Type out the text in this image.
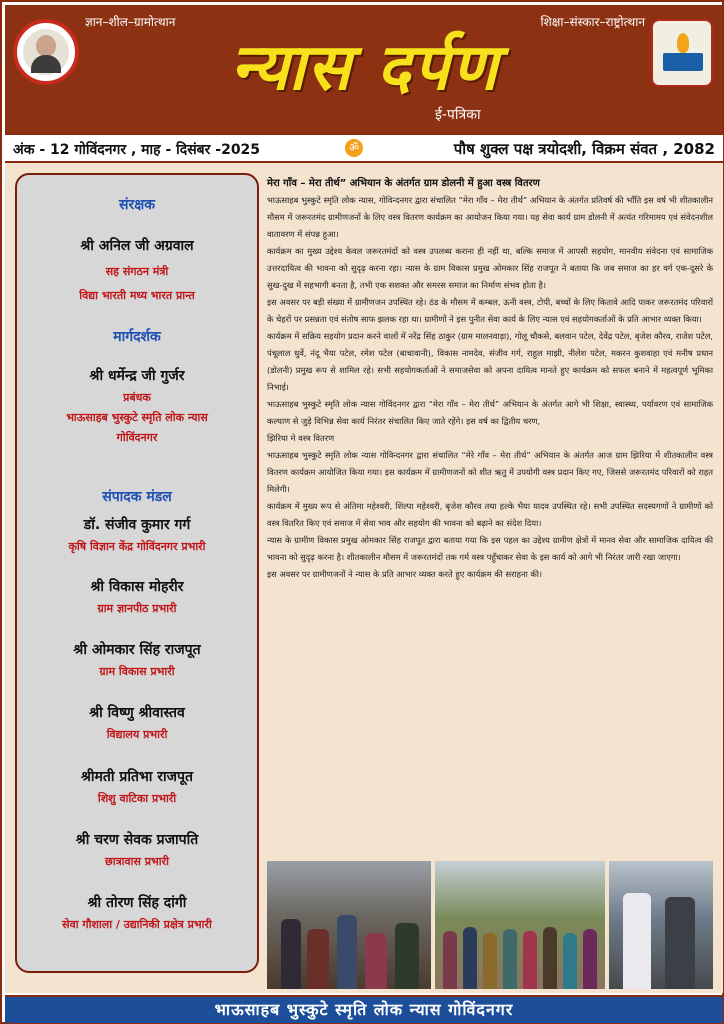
ज्ञान–शील–ग्रामोत्थान	शिक्षा–संस्कार–राष्ट्रोत्थान
न्यास दर्पण
ई-पत्रिका
अंक - 12 गोविंदनगर , माह - दिसंबर -2025	ॐ	पौष शुक्ल पक्ष त्रयोदशी, विक्रम संवत , 2082
संरक्षक
श्री अनिल जी अग्रवाल
सह संगठन मंत्री
विद्या भारती मध्य भारत प्रान्त
मार्गदर्शक
श्री धर्मेन्द्र जी गुर्जर
प्रबंधक
भाऊसाहब भुस्कुटे स्मृति लोक न्यास
गोविंदनगर
संपादक मंडल
डॉ. संजीव कुमार गर्ग
कृषि विज्ञान केंद्र गोविंदनगर प्रभारी
श्री विकास मोहरीर
ग्राम ज्ञानपीठ प्रभारी
श्री ओमकार सिंह राजपूत
ग्राम विकास प्रभारी
श्री विष्णु श्रीवास्तव
विद्यालय प्रभारी
श्रीमती प्रतिभा राजपूत
शिशु वाटिका प्रभारी
श्री चरण सेवक प्रजापति
छात्रावास प्रभारी
श्री तोरण सिंह दांगी
सेवा गौशाला / उद्यानिकी प्रक्षेत्र प्रभारी
मेरा गाँव – मेरा तीर्थ” अभियान के अंतर्गत ग्राम डोलनी में हुआ वस्त्र वितरण

भाऊसाहब भुस्कुटे स्मृति लोक न्यास, गोविन्दनगर द्वारा संचालित “मेरा गाँव – मेरा तीर्थ” अभियान के अंतर्गत प्रतिवर्ष की भाँति इस वर्ष भी शीतकालीन मौसम में जरूरतमंद ग्रामीणजनों के लिए वस्त्र वितरण कार्यक्रम का आयोजन किया गया। यह सेवा कार्य ग्राम डोलनी में अत्यंत गरिमामय एवं संवेदनशील वातावरण में संपन्न हुआ।

कार्यक्रम का मुख्य उद्देश्य केवल जरूरतमंदों को वस्त्र उपलब्ध कराना ही नहीं था, बल्कि समाज में आपसी सहयोग, मानवीय संवेदना एवं सामाजिक उत्तरदायित्व की भावना को सुदृढ़ करना रहा। न्यास के ग्राम विकास प्रमुख ओमकार सिंह राजपूत ने बताया कि जब समाज का हर वर्ग एक-दूसरे के सुख-दुख में सहभागी बनता है, तभी एक सशक्त और समरस समाज का निर्माण संभव होता है।

इस अवसर पर बड़ी संख्या में ग्रामीणजन उपस्थित रहे। ठंड के मौसम में कम्बल, ऊनी वस्त्र, टोपी, बच्चों के लिए कितावे आदि पाकर जरूरतमंद परिवारों के चेहरों पर प्रसन्नता एवं संतोष साफ झलक रहा था। ग्रामीणों ने इस पुनीत सेवा कार्य के लिए न्यास एवं सहयोगकर्ताओं के प्रति आभार व्यक्त किया।

कार्यक्रम में सक्रिय सहयोग प्रदान करने वालों में नरेंद्र सिंह ठाकुर (ग्राम मालनवाड़ा), गोलू चौकसे, बलवान पटेल, देवेंद्र पटेल, बृजेश कौरव, राजेश पटेल, पंचूलाल धुर्वे, नंदू भैया पटेल, रमेश पटेल (बाचावानी), विकास नामदेव, संजीव गर्ग, राहुल माझी, नीलेश पटेल, मकरन कुशवाहा एवं मनीष प्रधान (डोलनी) प्रमुख रूप से शामिल रहे। सभी सहयोगकर्ताओं ने समाजसेवा को अपना दायित्व मानते हुए कार्यक्रम को सफल बनाने में महत्वपूर्ण भूमिका निभाई।

भाऊसाहब भुस्कुटे स्मृति लोक न्यास गोविंदनगर द्वारा “मेरा गाँव – मेरा तीर्थ” अभियान के अंतर्गत आगे भी शिक्षा, स्वास्थ्य, पर्यावरण एवं सामाजिक कल्याण से जुड़े विभिन्न सेवा कार्य निरंतर संचालित किए जाते रहेंगे। इस वर्ष का द्वितीय चरण,

झिरिया मे वस्त्र वितरण

भाऊसाहब भुस्कुटे स्मृति लोक न्यास गोविन्दनगर द्वारा संचालित “मेरे गाँव – मेरा तीर्थ” अभियान के अंतर्गत आज ग्राम झिरिया में शीतकालीन वस्त्र वितरण कार्यक्रम आयोजित किया गया। इस कार्यक्रम में ग्रामीणजनों को शीत ऋतु में उपयोगी वस्त्र प्रदान किए गए, जिससे जरूरतमंद परिवारों को राहत मिलेगी।

कार्यक्रम में मुख्य रूप से अंतिमा महेश्वरी, शिल्पा महेश्वरी, बृजेश कौरव तथा हल्के भैया यादव उपस्थित रहे। सभी उपस्थित सदस्यगणों ने ग्रामीणों को वस्त्र वितरित किए एवं समाज में सेवा भाव और सहयोग की भावना को बढ़ाने का संदेश दिया।

न्यास के ग्रामीण विकास प्रमुख ओमकार सिंह राजपूत द्वारा बताया गया कि इस पहल का उद्देश्य ग्रामीण क्षेत्रों में मानव सेवा और सामाजिक दायित्व की भावना को सुदृढ़ करना है। शीतकालीन मौसम में जरूरतमंदों तक गर्म वस्त्र पहुँचाकर सेवा के इस कार्य को आगे भी निरंतर जारी रखा जाएगा।

इस अवसर पर ग्रामीणजनों ने न्यास के प्रति आभार व्यक्त करते हुए कार्यक्रम की सराहना की।

भाऊसाहब भुस्कुटे स्मृति लोक न्यास गोविंदनगर
